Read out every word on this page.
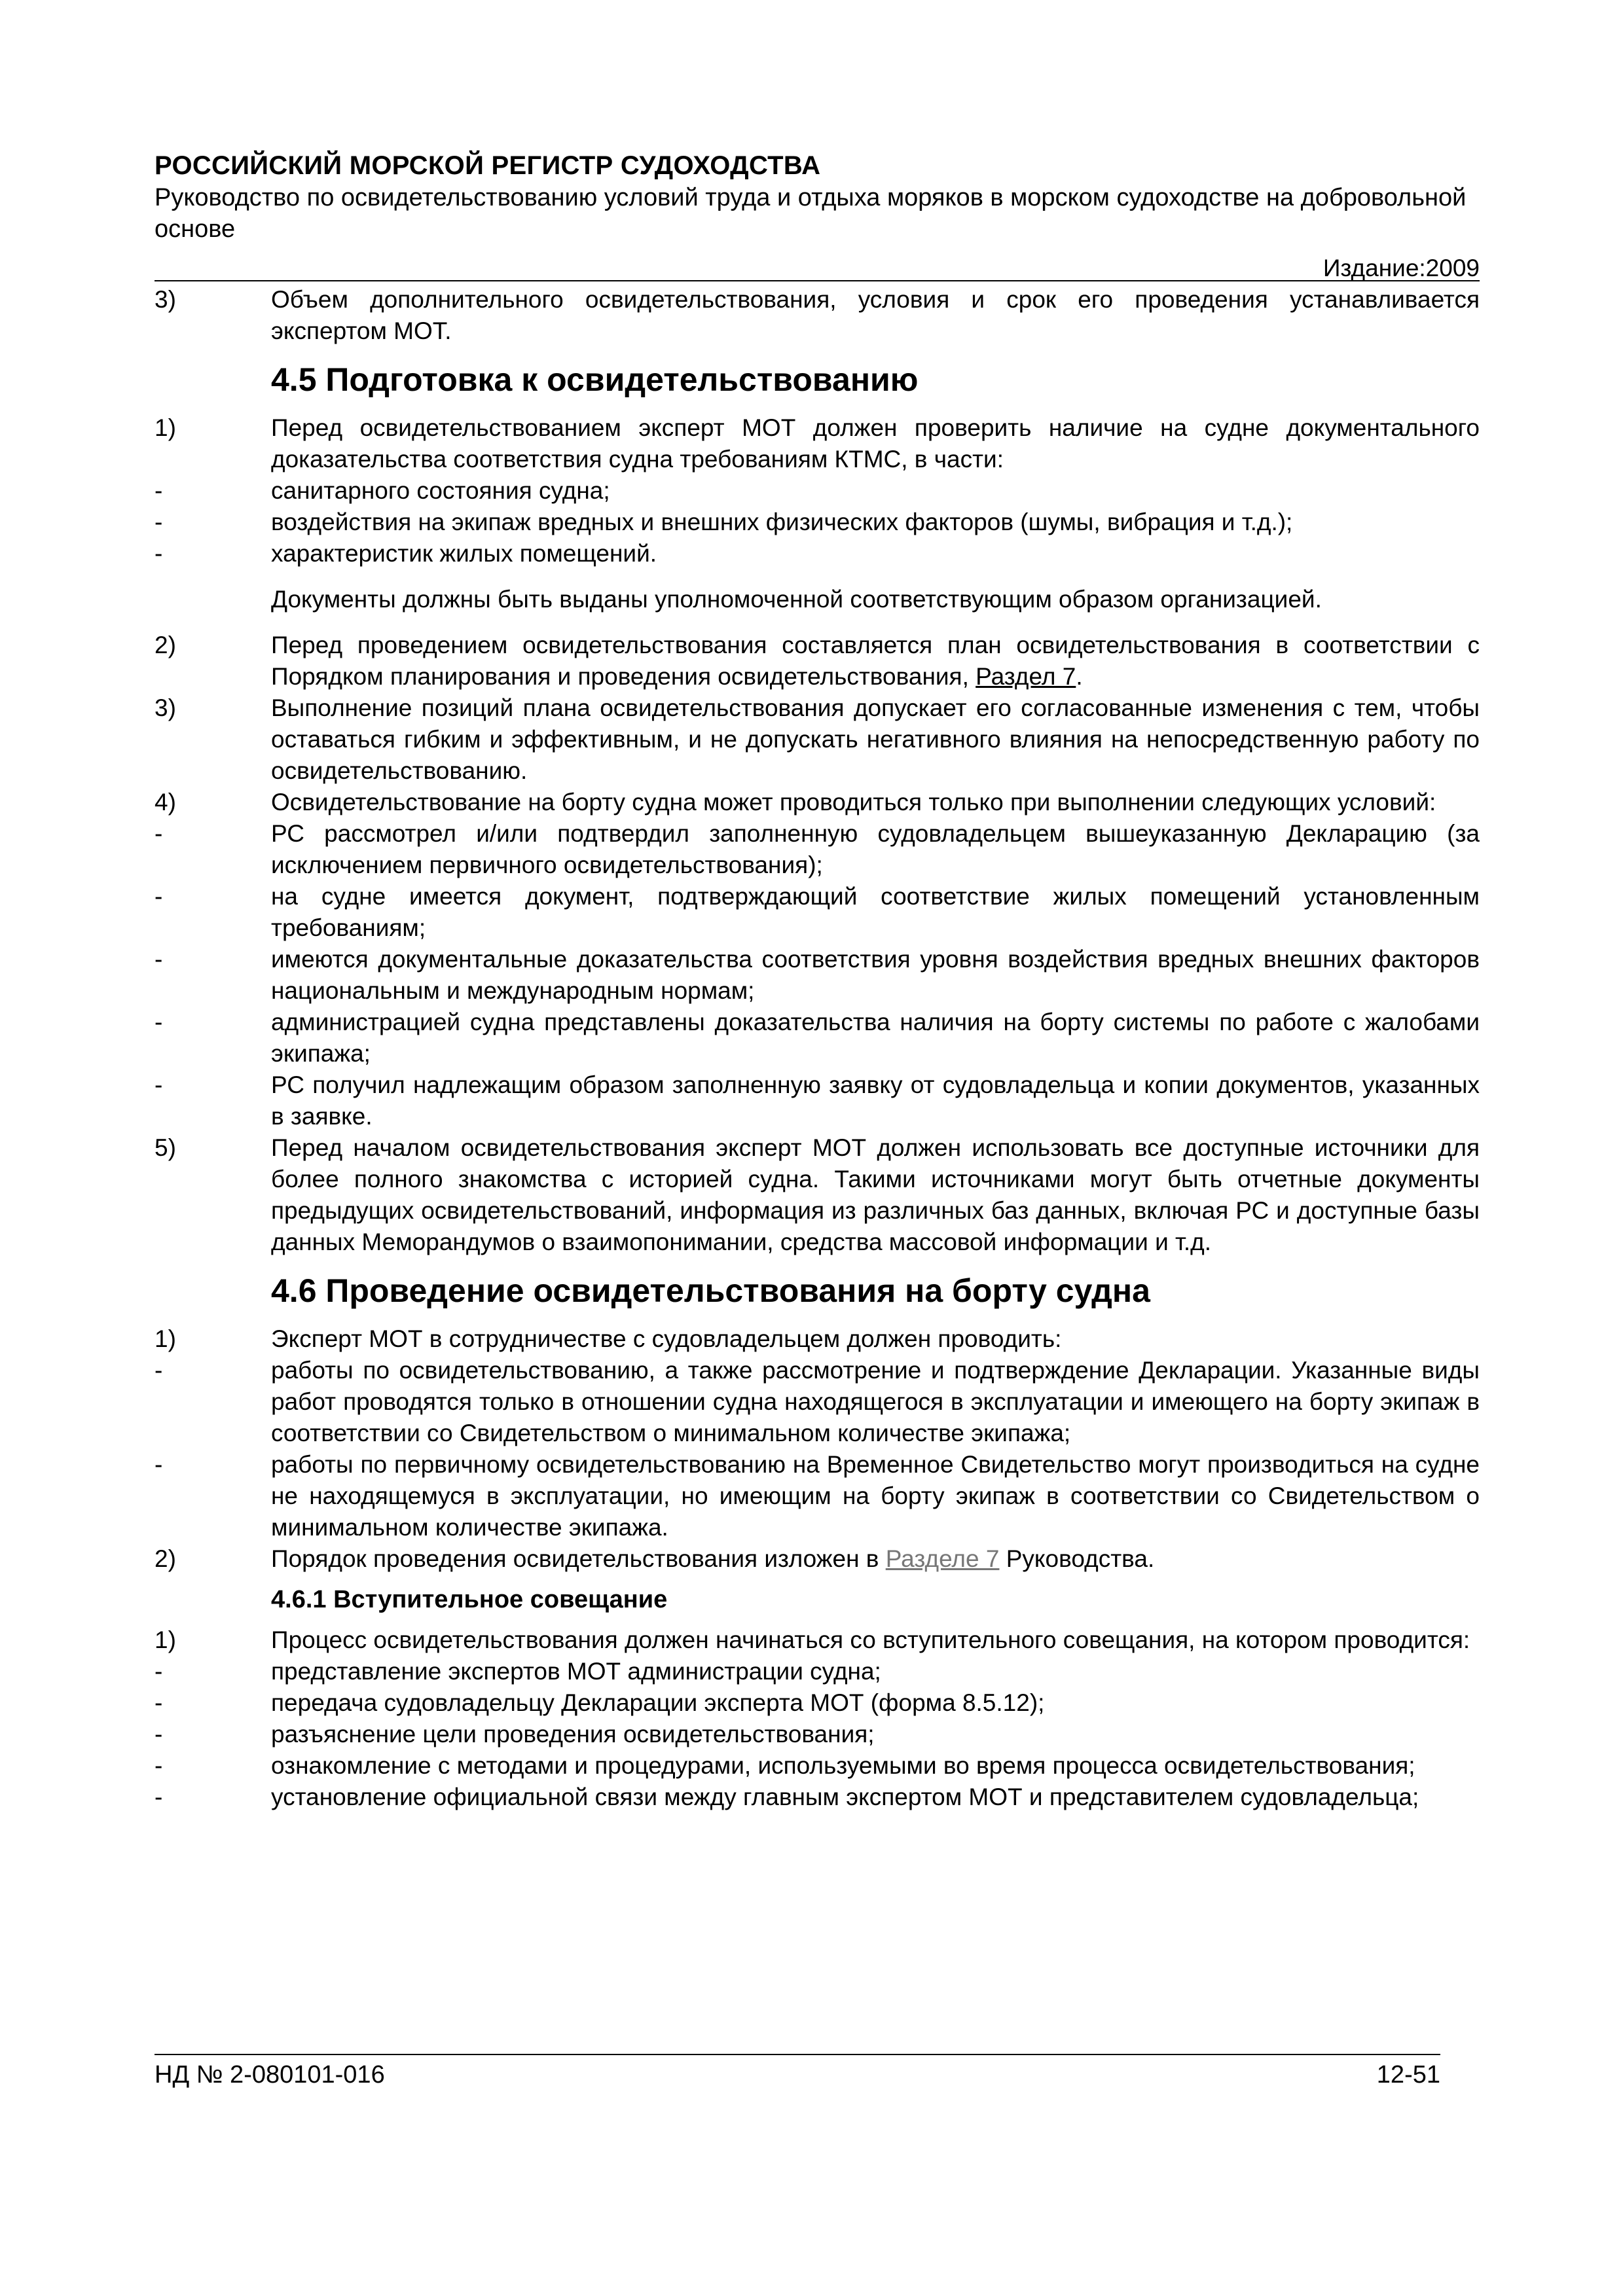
РОССИЙСКИЙ МОРСКОЙ РЕГИСТР СУДОХОДСТВА
Руководство по освидетельствованию условий труда и отдыха моряков в морском судоходстве на добровольной основе
Издание:2009
3)	Объем дополнительного освидетельствования, условия и срок его проведения устанавливается экспертом МОТ.
4.5 Подготовка к освидетельствованию
1)	Перед освидетельствованием эксперт МОТ должен проверить наличие на судне документального доказательства соответствия судна требованиям КТМС, в части:
-	санитарного состояния судна;
-	воздействия на экипаж вредных и внешних физических факторов (шумы, вибрация и т.д.);
-	характеристик жилых помещений.
Документы должны быть выданы уполномоченной соответствующим образом организацией.
2)	Перед проведением освидетельствования составляется план освидетельствования в соответствии с Порядком планирования и проведения освидетельствования, Раздел 7.
3)	Выполнение позиций плана освидетельствования допускает его согласованные изменения с тем, чтобы оставаться гибким и эффективным, и не допускать негативного влияния на непосредственную работу по освидетельствованию.
4)	Освидетельствование на борту судна может проводиться только при выполнении следующих условий:
-	РС рассмотрел и/или подтвердил заполненную судовладельцем вышеуказанную Декларацию (за исключением первичного освидетельствования);
-	на судне имеется документ, подтверждающий соответствие жилых помещений установленным требованиям;
-	имеются документальные доказательства соответствия уровня воздействия вредных внешних факторов национальным и международным нормам;
-	администрацией судна представлены доказательства наличия на борту системы по работе с жалобами экипажа;
-	РС получил надлежащим образом заполненную заявку от судовладельца и копии документов, указанных в заявке.
5)	Перед началом освидетельствования эксперт МОТ должен использовать все доступные источники для более полного знакомства с историей судна. Такими источниками могут быть отчетные документы предыдущих освидетельствований, информация из различных баз данных, включая РС и доступные базы данных Меморандумов о взаимопонимании, средства массовой информации и т.д.
4.6 Проведение освидетельствования на борту судна
1)	Эксперт МОТ в сотрудничестве с судовладельцем должен проводить:
-	работы по освидетельствованию, а также рассмотрение и подтверждение Декларации. Указанные виды работ проводятся только в отношении судна находящегося в эксплуатации и имеющего на борту экипаж в соответствии со Свидетельством о минимальном количестве экипажа;
-	работы по первичному освидетельствованию на Временное Свидетельство могут производиться на судне не находящемуся в эксплуатации, но имеющим на борту экипаж в соответствии со Свидетельством о минимальном количестве экипажа.
2)	Порядок проведения освидетельствования изложен в Разделе 7 Руководства.
4.6.1 Вступительное совещание
1)	Процесс освидетельствования должен начинаться со вступительного совещания, на котором проводится:
-	представление экспертов МОТ администрации судна;
-	передача судовладельцу Декларации эксперта МОТ (форма 8.5.12);
-	разъяснение цели проведения освидетельствования;
-	ознакомление с методами и процедурами, используемыми во время процесса освидетельствования;
-	установление официальной связи между главным экспертом МОТ и представителем судовладельца;
НД № 2-080101-016	12-51
